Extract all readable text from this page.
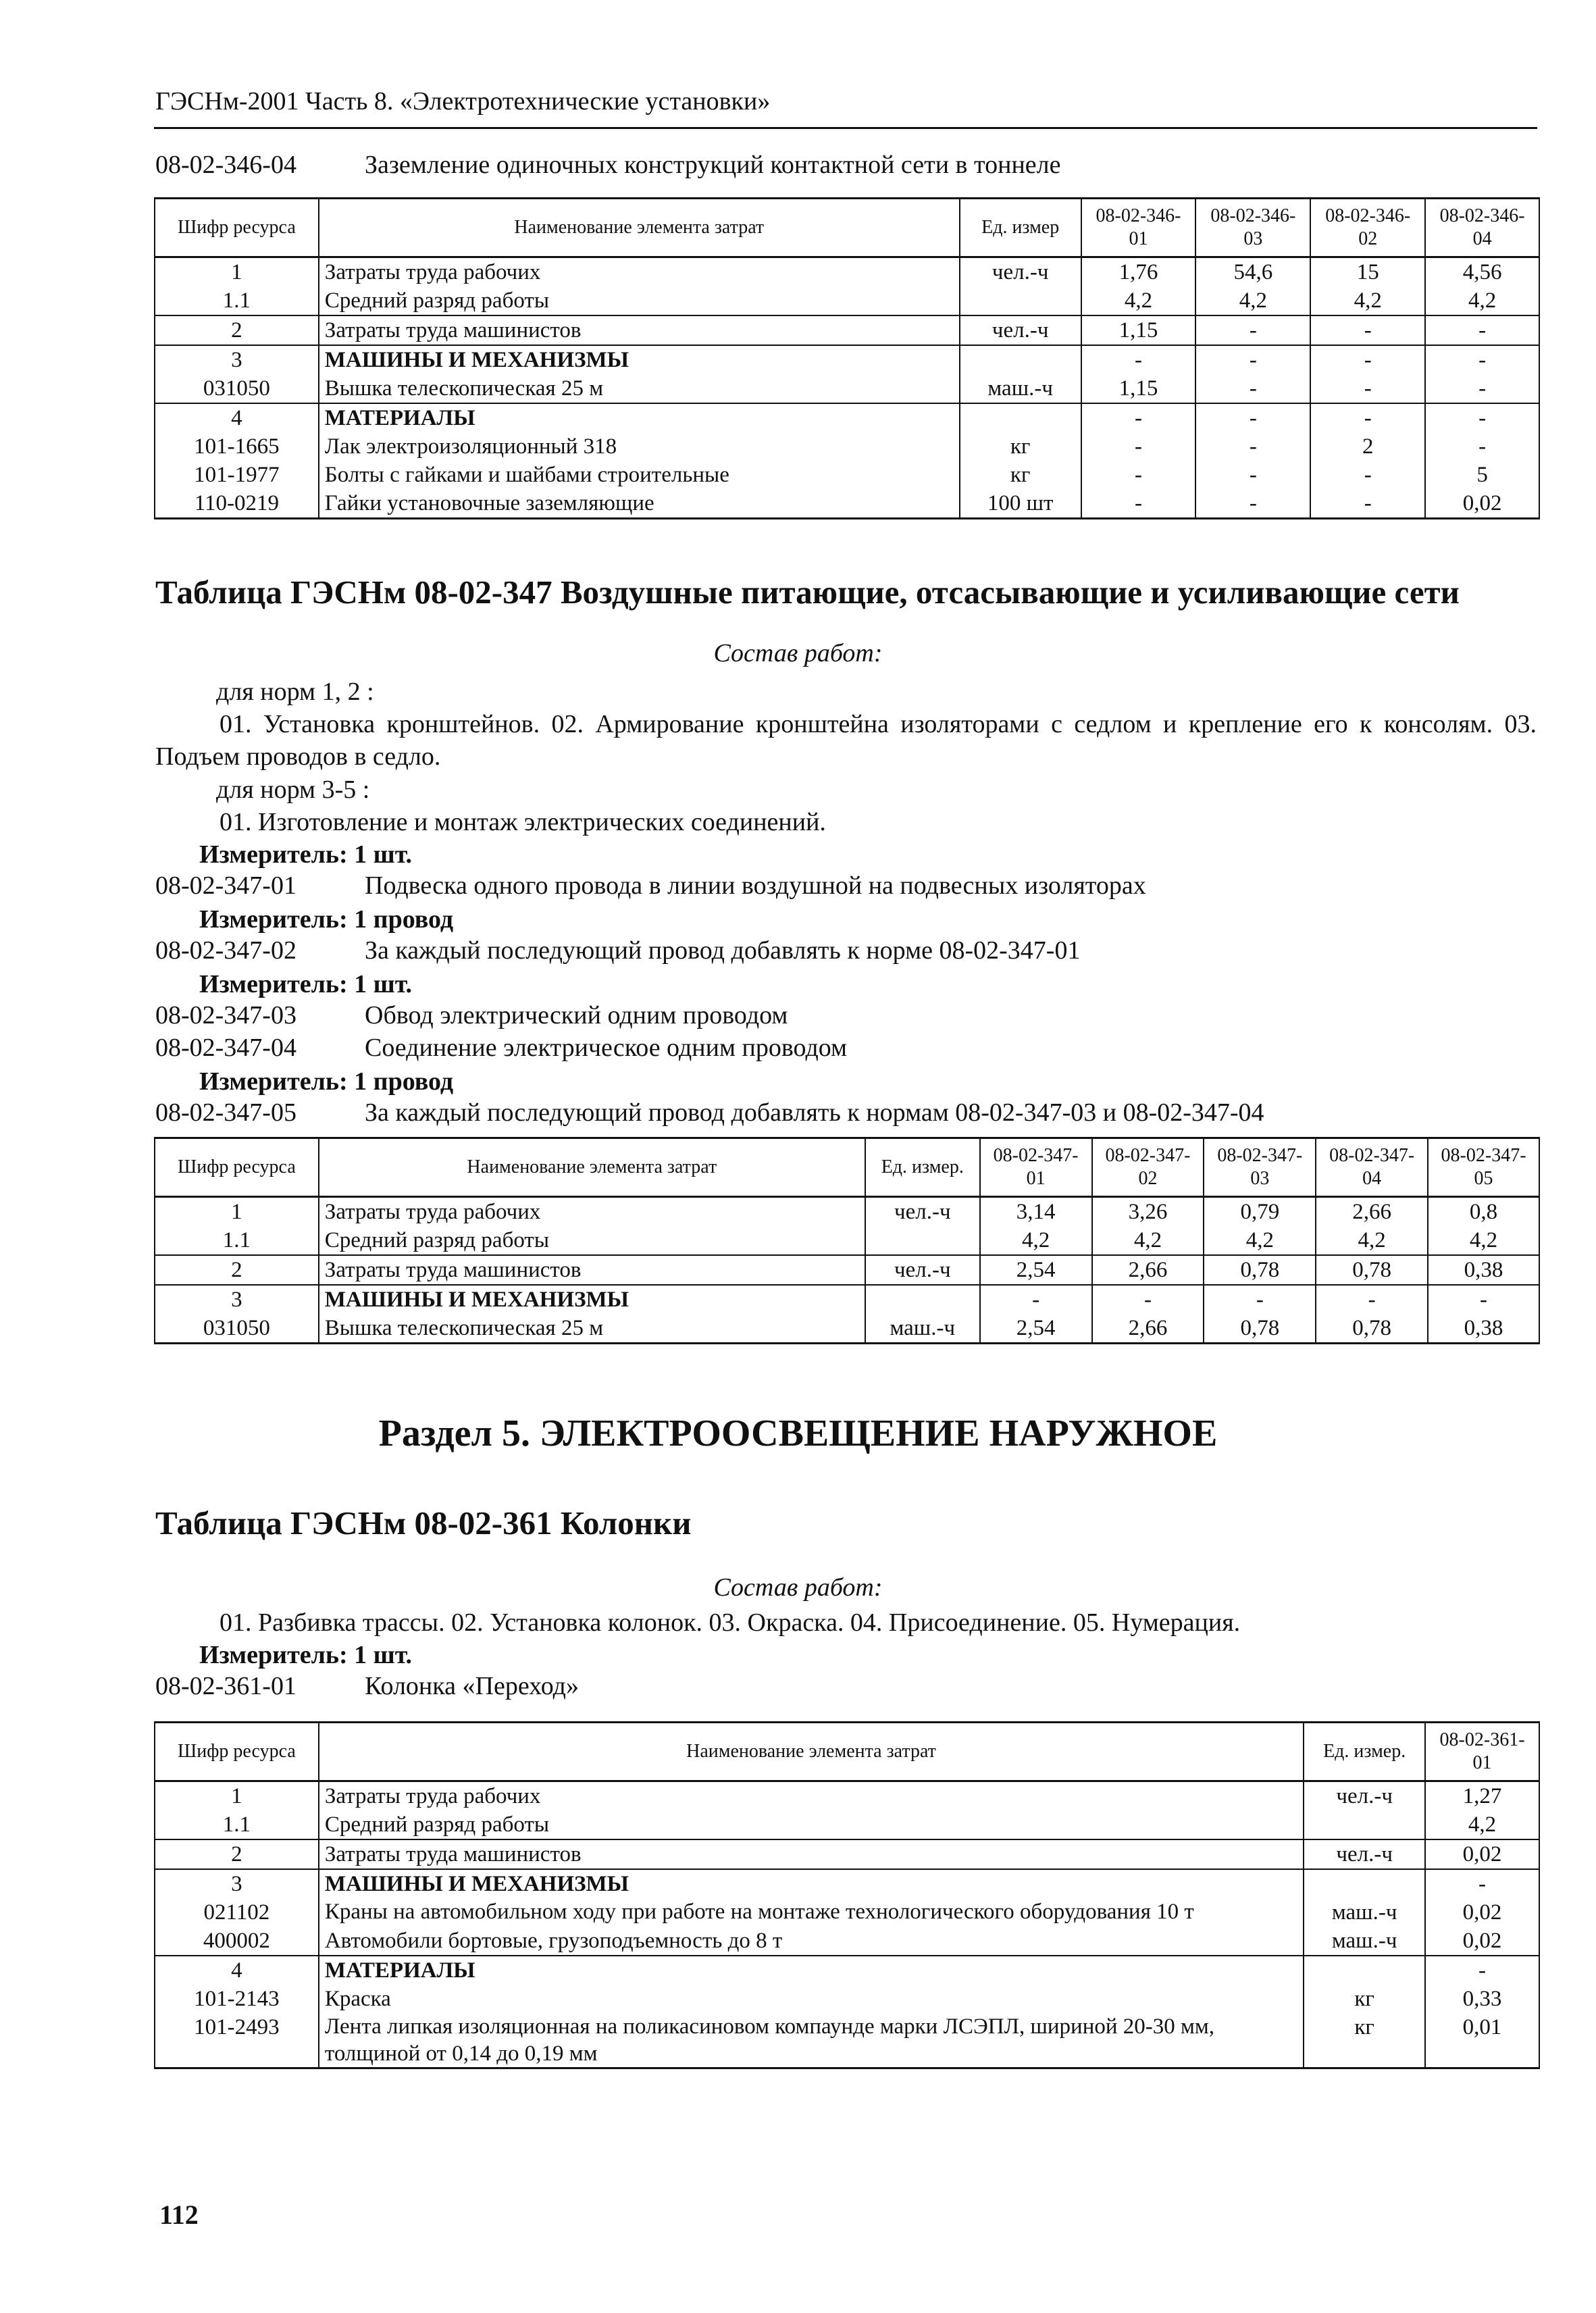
ГЭСНм-2001 Часть 8. «Электротехнические установки»
08-02-346-04	Заземление одиночных конструкций контактной сети в тоннеле
Шифр ресурса	Наименование элемента затрат	Ед. измер	08-02-346-01	08-02-346-03	08-02-346-02	08-02-346-04
1	Затраты труда рабочих	чел.-ч	1,76	54,6	15	4,56
1.1	Средний разряд работы		4,2	4,2	4,2	4,2
2	Затраты труда машинистов	чел.-ч	1,15	-	-	-
3	МАШИНЫ И МЕХАНИЗМЫ		-	-	-	-
031050	Вышка телескопическая 25 м	маш.-ч	1,15	-	-	-
4	МАТЕРИАЛЫ		-	-	-	-
101-1665	Лак электроизоляционный 318	кг	-	-	2	-
101-1977	Болты с гайками и шайбами строительные	кг	-	-	-	5
110-0219	Гайки установочные заземляющие	100 шт	-	-	-	0,02
Таблица ГЭСНм 08-02-347 Воздушные питающие, отсасывающие и усиливающие сети
Состав работ:
для норм 1, 2 :
01. Установка кронштейнов. 02. Армирование кронштейна изоляторами с седлом и крепление его к консолям. 03. Подъем проводов в седло.
для норм 3-5 :
01. Изготовление и монтаж электрических соединений.
Измеритель: 1 шт.
08-02-347-01	Подвеска одного провода в линии воздушной на подвесных изоляторах
Измеритель: 1 провод
08-02-347-02	За каждый последующий провод добавлять к норме 08-02-347-01
Измеритель: 1 шт.
08-02-347-03	Обвод электрический одним проводом
08-02-347-04	Соединение электрическое одним проводом
Измеритель: 1 провод
08-02-347-05	За каждый последующий провод добавлять к нормам 08-02-347-03 и 08-02-347-04
Шифр ресурса	Наименование элемента затрат	Ед. измер.	08-02-347-01	08-02-347-02	08-02-347-03	08-02-347-04	08-02-347-05
1	Затраты труда рабочих	чел.-ч	3,14	3,26	0,79	2,66	0,8
1.1	Средний разряд работы		4,2	4,2	4,2	4,2	4,2
2	Затраты труда машинистов	чел.-ч	2,54	2,66	0,78	0,78	0,38
3	МАШИНЫ И МЕХАНИЗМЫ		-	-	-	-	-
031050	Вышка телескопическая 25 м	маш.-ч	2,54	2,66	0,78	0,78	0,38
Раздел 5. ЭЛЕКТРООСВЕЩЕНИЕ НАРУЖНОЕ
Таблица ГЭСНм 08-02-361 Колонки
Состав работ:
01. Разбивка трассы. 02. Установка колонок. 03. Окраска. 04. Присоединение. 05. Нумерация.
Измеритель: 1 шт.
08-02-361-01	Колонка «Переход»
Шифр ресурса	Наименование элемента затрат	Ед. измер.	08-02-361-01
1	Затраты труда рабочих	чел.-ч	1,27
1.1	Средний разряд работы		4,2
2	Затраты труда машинистов	чел.-ч	0,02
3	МАШИНЫ И МЕХАНИЗМЫ		-
021102	Краны на автомобильном ходу при работе на монтаже технологического оборудования 10 т	маш.-ч	0,02
400002	Автомобили бортовые, грузоподъемность до 8 т	маш.-ч	0,02
4	МАТЕРИАЛЫ		-
101-2143	Краска	кг	0,33
101-2493	Лента липкая изоляционная на поликасиновом компаунде марки ЛСЭПЛ, шириной 20-30 мм, толщиной от 0,14 до 0,19 мм	кг	0,01
112
